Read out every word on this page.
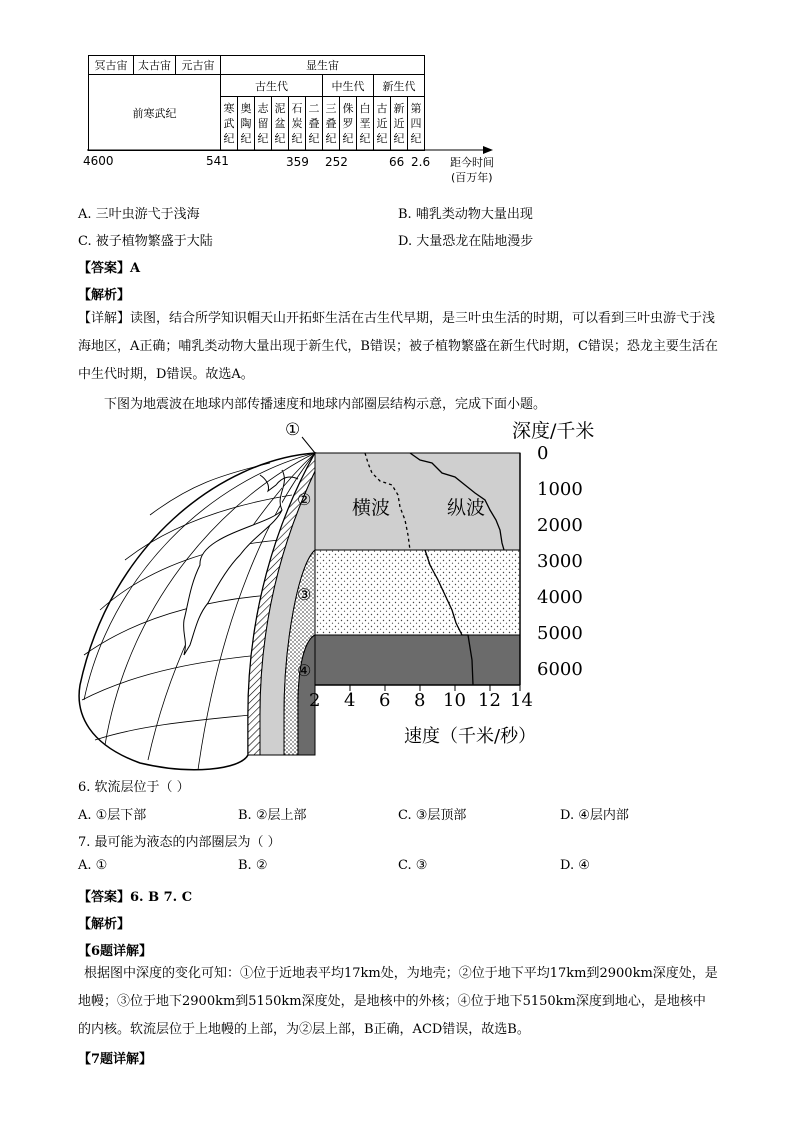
冥古宙	太古宙	元古宙	显生宙											
前寒武纪			古生代						中生代			新生代		
			寒武纪	奥陶纪	志留纪	泥盆纪	石炭纪	二叠纪	三叠纪	侏罗纪	白垩纪	古近纪	新近纪	第四纪
4600	541	359 252	66 2.6 距今时间
(百万年)
A. 三叶虫游弋于浅海	B. 哺乳类动物大量出现
C. 被子植物繁盛于大陆	D. 大量恐龙在陆地漫步
【答案】A
【解析】
【详解】读图，结合所学知识帽天山开拓虾生活在古生代早期，是三叶虫生活的时期，可以看到三叶虫游弋于浅海地区，A正确；哺乳类动物大量出现于新生代，B错误；被子植物繁盛在新生代时期，C错误；恐龙主要生活在中生代时期，D错误。故选A。
下图为地震波在地球内部传播速度和地球内部圈层结构示意，完成下面小题。
①
②
③
④
横波	纵波
深度/千米
0
1000
2000
3000
4000
5000
6000
2 4 6 8 10 12 14
速度（千米/秒）
6. 软流层位于（ ）
A. ①层下部	B. ②层上部	C. ③层顶部	D. ④层内部
7. 最可能为液态的内部圈层为（ ）
A. ①	B. ②	C. ③	D. ④
【答案】6. B 7. C
【解析】
【6题详解】
根据图中深度的变化可知：①位于近地表平均17km处，为地壳；②位于地下平均17km到2900km深度处，是地幔；③位于地下2900km到5150km深度处，是地核中的外核；④位于地下5150km深度到地心，是地核中的内核。软流层位于上地幔的上部，为②层上部，B正确，ACD错误，故选B。
【7题详解】
